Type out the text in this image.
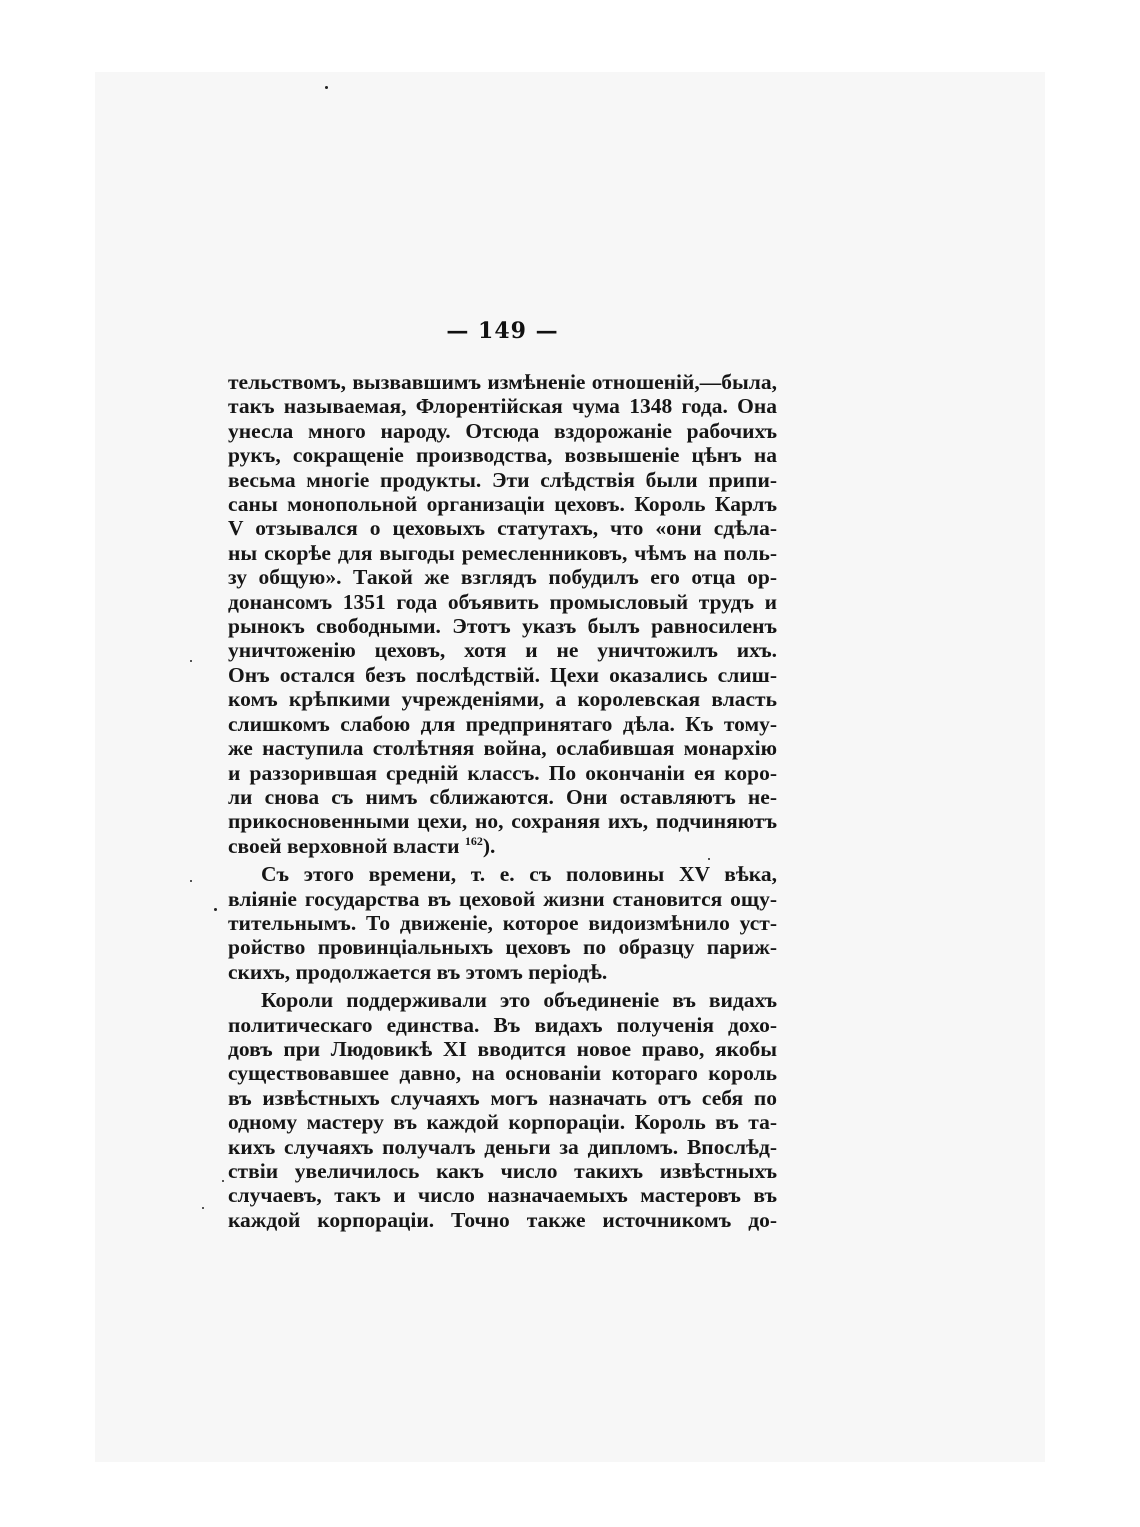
— 149 —
тельствомъ, вызвавшимъ измѣненіе отношеній,—была,
такъ называемая, Флорентійская чума 1348 года. Она
унесла много народу. Отсюда вздорожаніе рабочихъ
рукъ, сокращеніе производства, возвышеніе цѣнъ на
весьма многіе продукты. Эти слѣдствія были припи-
саны монопольной организаціи цеховъ. Король Карлъ
V отзывался о цеховыхъ статутахъ, что «они сдѣла-
ны скорѣе для выгоды ремесленниковъ, чѣмъ на поль-
зу общую». Такой же взглядъ побудилъ его отца ор-
донансомъ 1351 года объявить промысловый трудъ и
рынокъ свободными. Этотъ указъ былъ равносиленъ
уничтоженію цеховъ, хотя и не уничтожилъ ихъ.
Онъ остался безъ послѣдствій. Цехи оказались слиш-
комъ крѣпкими учрежденіями, а королевская власть
слишкомъ слабою для предпринятаго дѣла. Къ тому-
же наступила столѣтняя война, ослабившая монархію
и раззорившая средній классъ. По окончаніи ея коро-
ли снова съ нимъ сближаются. Они оставляютъ не-
прикосновенными цехи, но, сохраняя ихъ, подчиняютъ
своей верховной власти $^{162}$).
Съ этого времени, т. е. съ половины XV вѣка,
вліяніе государства въ цеховой жизни становится ощу-
тительнымъ. То движеніе, которое видоизмѣнило уст-
ройство провинціальныхъ цеховъ по образцу париж-
скихъ, продолжается въ этомъ періодѣ.
Короли поддерживали это объединеніе въ видахъ
политическаго единства. Въ видахъ полученія дохо-
довъ при Людовикѣ XI вводится новое право, якобы
существовавшее давно, на основаніи котораго король
въ извѣстныхъ случаяхъ могъ назначать отъ себя по
одному мастеру въ каждой корпораціи. Король въ та-
кихъ случаяхъ получалъ деньги за дипломъ. Впослѣд-
ствіи увеличилось какъ число такихъ извѣстныхъ
случаевъ, такъ и число назначаемыхъ мастеровъ въ
каждой корпораціи. Точно также источникомъ до-
